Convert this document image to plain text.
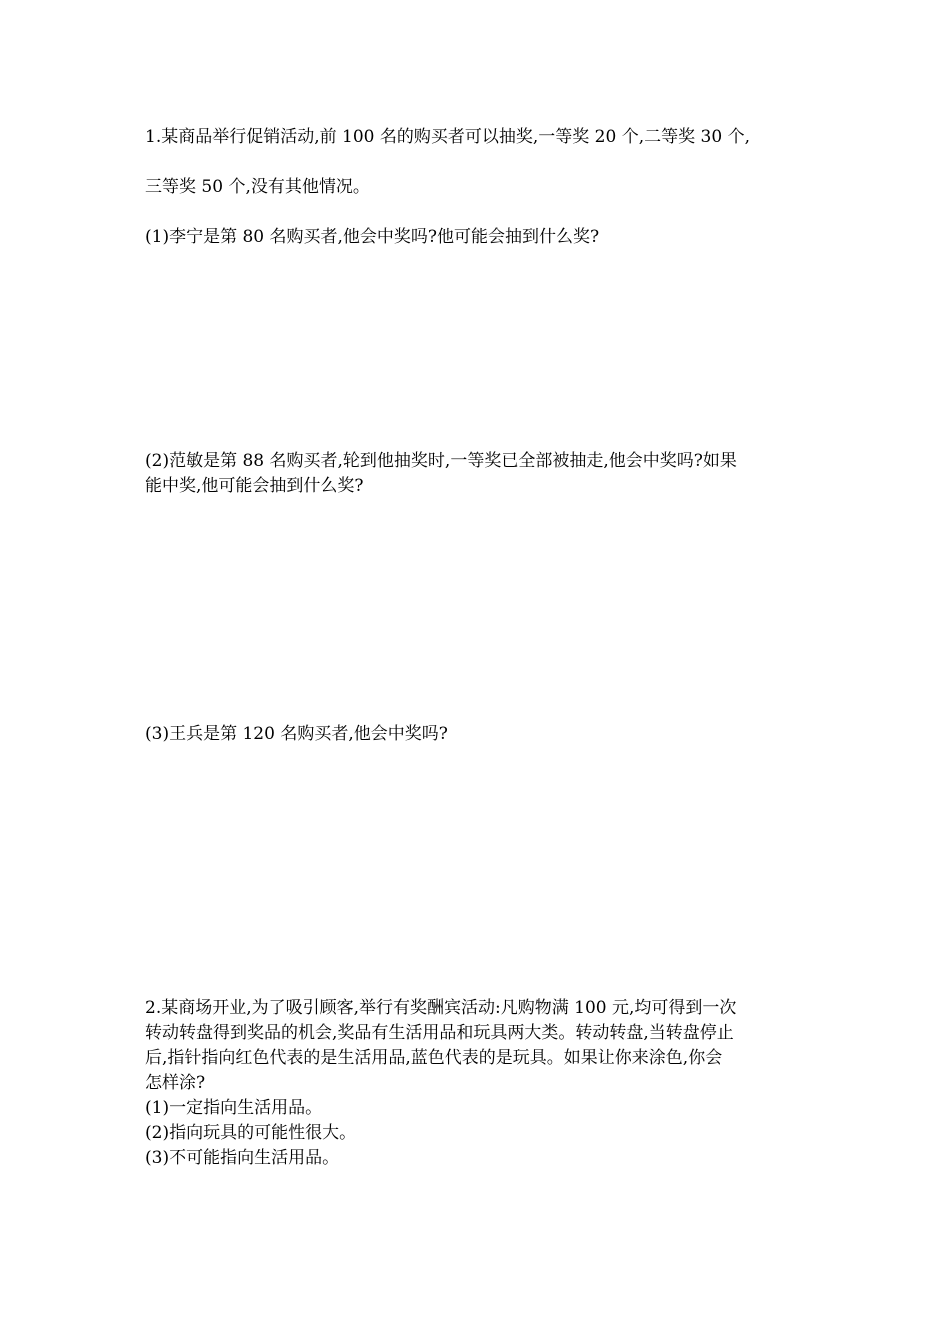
1.某商品举行促销活动,前 100 名的购买者可以抽奖,一等奖 20 个,二等奖 30 个,
三等奖 50 个,没有其他情况。
(1)李宁是第 80 名购买者,他会中奖吗?他可能会抽到什么奖?
(2)范敏是第 88 名购买者,轮到他抽奖时,一等奖已全部被抽走,他会中奖吗?如果
能中奖,他可能会抽到什么奖?
(3)王兵是第 120 名购买者,他会中奖吗?
2.某商场开业,为了吸引顾客,举行有奖酬宾活动:凡购物满 100 元,均可得到一次
转动转盘得到奖品的机会,奖品有生活用品和玩具两大类。转动转盘,当转盘停止
后,指针指向红色代表的是生活用品,蓝色代表的是玩具。如果让你来涂色,你会
怎样涂?
(1)一定指向生活用品。
(2)指向玩具的可能性很大。
(3)不可能指向生活用品。
